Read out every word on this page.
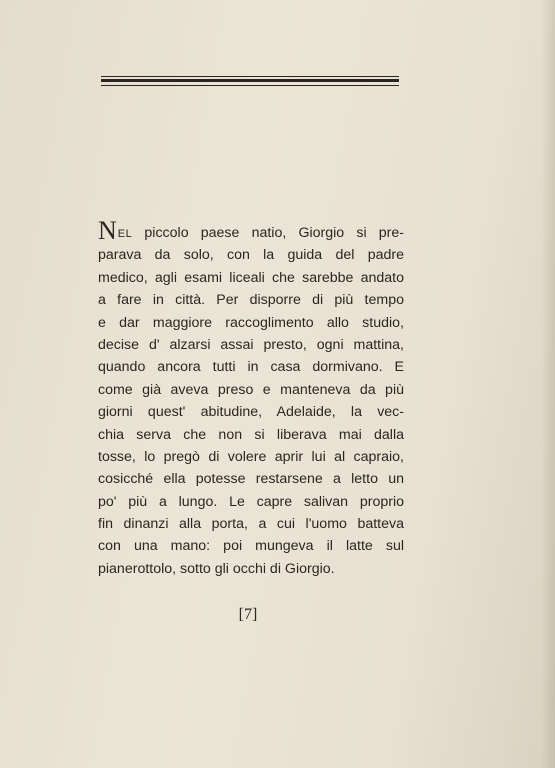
NEL piccolo paese natio, Giorgio si pre-
parava da solo, con la guida del padre
medico, agli esami liceali che sarebbe andato
a fare in città. Per disporre di più tempo
e dar maggiore raccoglimento allo studio,
decise d' alzarsi assai presto, ogni mattina,
quando ancora tutti in casa dormivano. E
come già aveva preso e manteneva da più
giorni quest' abitudine, Adelaide, la vec-
chia serva che non si liberava mai dalla
tosse, lo pregò di volere aprir lui al capraio,
cosicché ella potesse restarsene a letto un
po' più a lungo. Le capre salivan proprio
fin dinanzi alla porta, a cui l'uomo batteva
con una mano: poi mungeva il latte sul
pianerottolo, sotto gli occhi di Giorgio.
[7]
